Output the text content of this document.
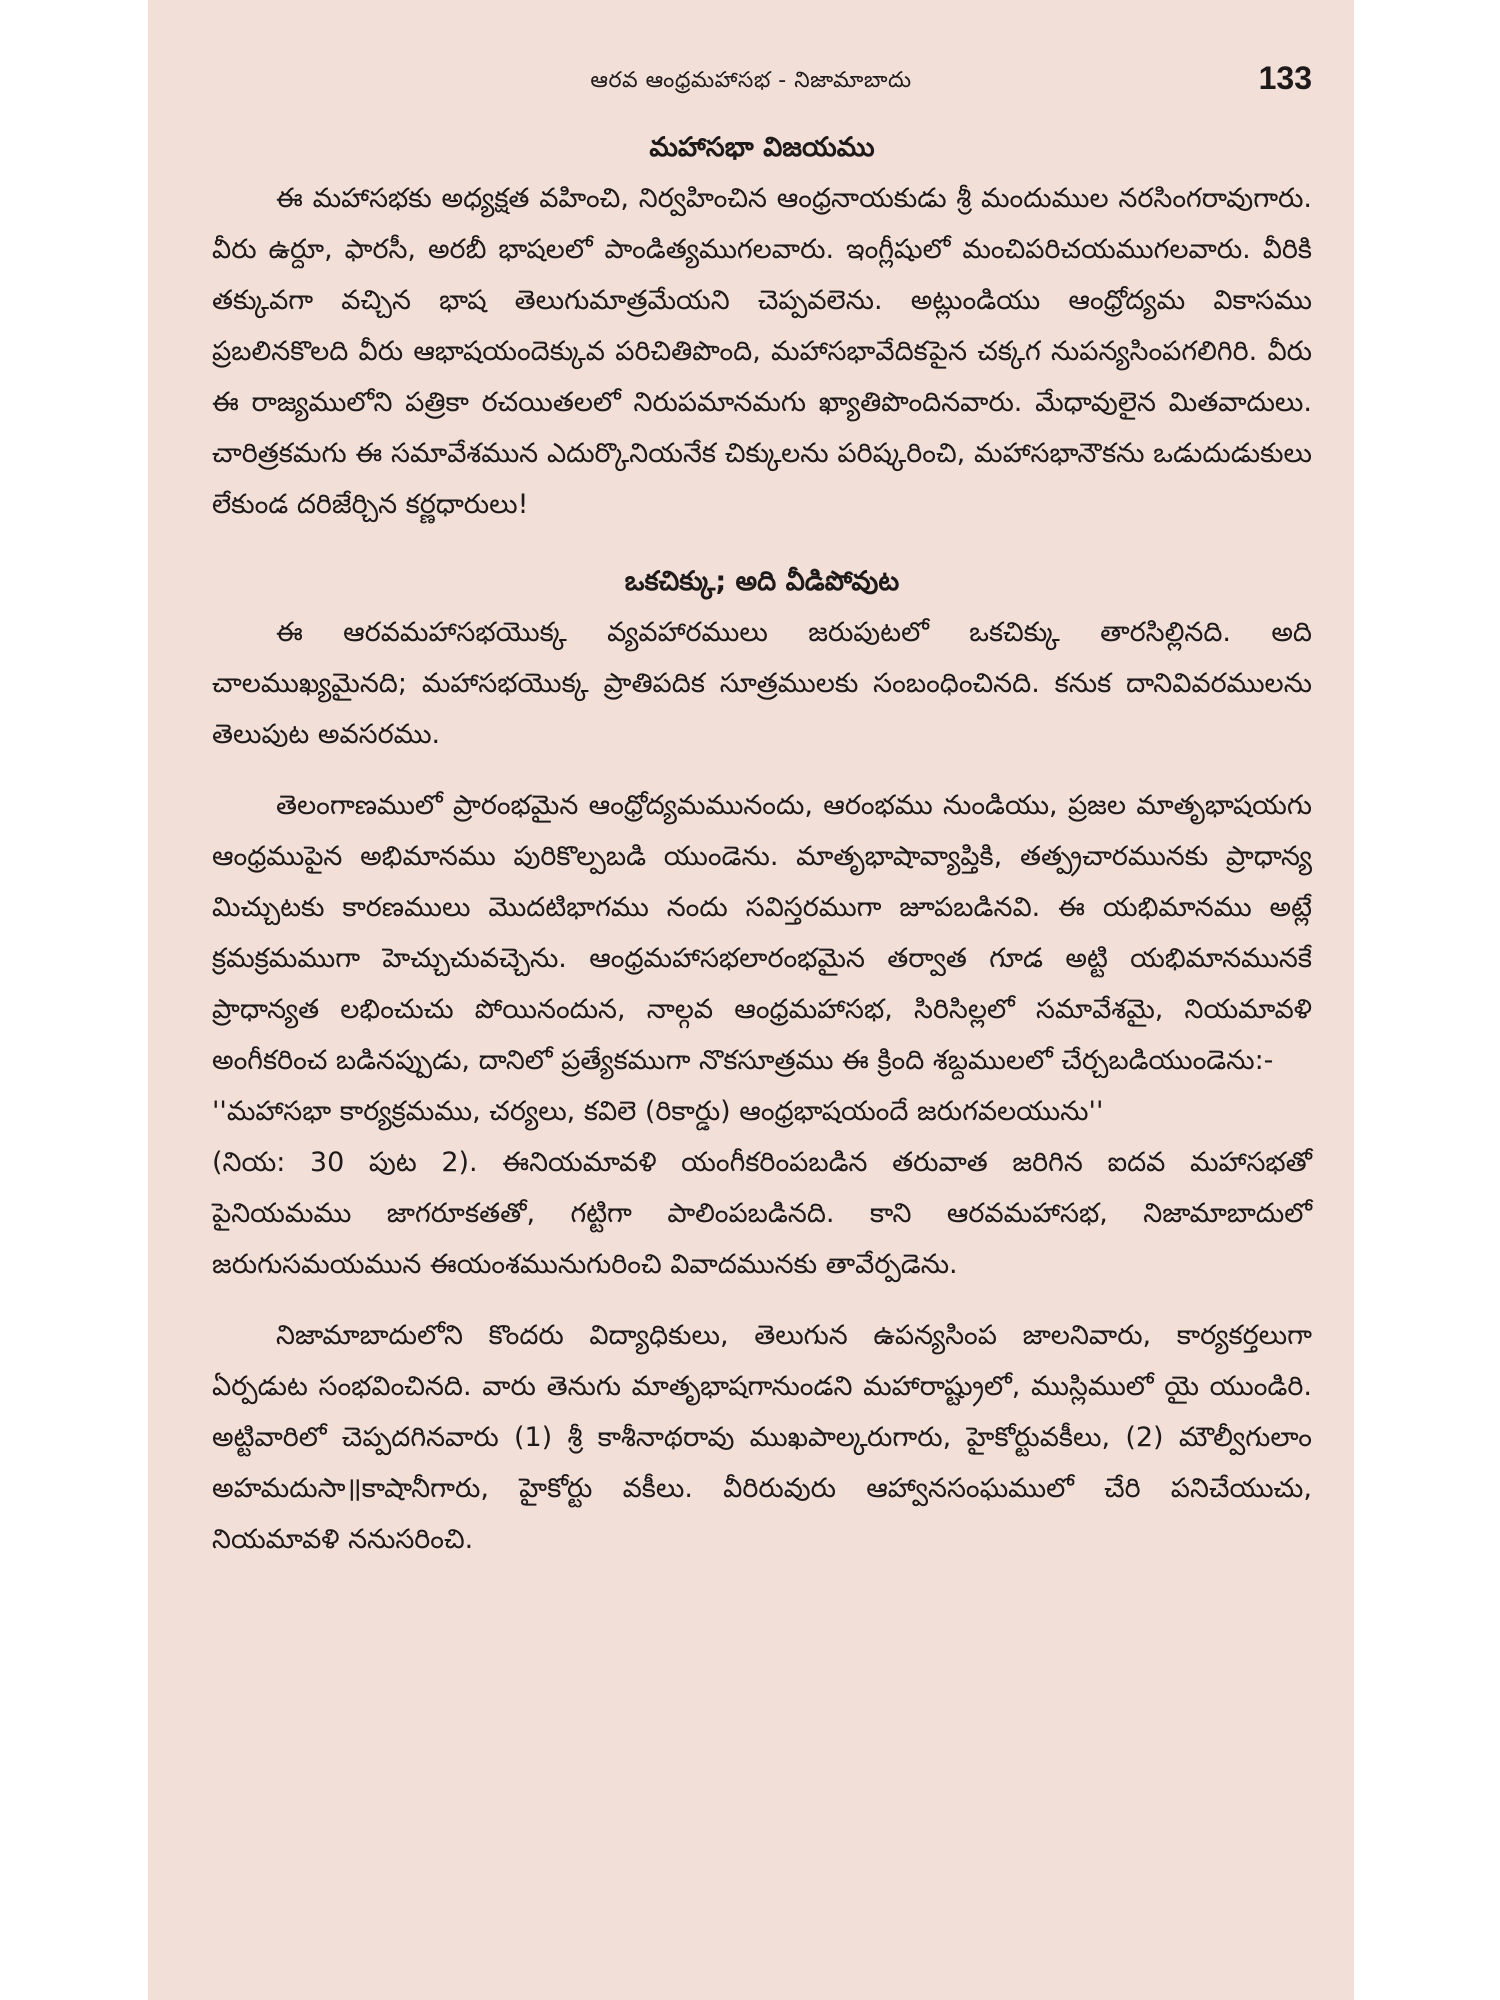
ఆరవ ఆంధ్రమహాసభ - నిజామాబాదు	133

మహాసభా విజయము

ఈ మహాసభకు అధ్యక్షత వహించి, నిర్వహించిన ఆంధ్రనాయకుడు శ్రీ మందుముల నరసింగరావుగారు. వీరు ఉర్దూ, ఫారసీ, అరబీ భాషలలో పాండిత్యముగలవారు. ఇంగ్లీషులో మంచిపరిచయముగలవారు. వీరికి తక్కువగా వచ్చిన భాష తెలుగుమాత్రమేయని చెప్పవలెను. అట్లుండియు ఆంధ్రోద్యమ వికాసము ప్రబలినకొలది వీరు ఆభాషయందెక్కువ పరిచితిపొంది, మహాసభావేదికపైన చక్కగ నుపన్యసింపగలిగిరి. వీరు ఈ రాజ్యములోని పత్రికా రచయితలలో నిరుపమానమగు ఖ్యాతిపొందినవారు. మేధావులైన మితవాదులు. చారిత్రకమగు ఈ సమావేశమున ఎదుర్కొనియనేక చిక్కులను పరిష్కరించి, మహాసభానౌకను ఒడుదుడుకులు లేకుండ దరిజేర్చిన కర్ణధారులు!

ఒకచిక్కు; అది వీడిపోవుట

ఈ ఆరవమహాసభయొక్క వ్యవహారములు జరుపుటలో ఒకచిక్కు తారసిల్లినది. అది చాలముఖ్యమైనది; మహాసభయొక్క ప్రాతిపదిక సూత్రములకు సంబంధించినది. కనుక దానివివరములను తెలుపుట అవసరము.

తెలంగాణములో ప్రారంభమైన ఆంధ్రోద్యమమునందు, ఆరంభము నుండియు, ప్రజల మాతృభాషయగు ఆంధ్రముపైన అభిమానము పురికొల్పబడి యుండెను. మాతృభాషావ్యాప్తికి, తత్ప్రచారమునకు ప్రాధాన్య మిచ్చుటకు కారణములు మొదటిభాగము నందు సవిస్తరముగా జూపబడినవి. ఈ యభిమానము అట్లే క్రమక్రమముగా హెచ్చుచువచ్చెను. ఆంధ్రమహాసభలారంభమైన తర్వాత గూడ అట్టి యభిమానమునకే ప్రాధాన్యత లభించుచు పోయినందున, నాల్గవ ఆంధ్రమహాసభ, సిరిసిల్లలో సమావేశమై, నియమావళి అంగీకరించ బడినప్పుడు, దానిలో ప్రత్యేకముగా నొకసూత్రము ఈ క్రింది శబ్దములలో చేర్చబడియుండెను:-

''మహాసభా కార్యక్రమము, చర్యలు, కవిలె (రికార్డు) ఆంధ్రభాషయందే జరుగవలయును''

(నియ: 30 పుట 2). ఈనియమావళి యంగీకరింపబడిన తరువాత జరిగిన ఐదవ మహాసభతో పైనియమము జాగరూకతతో, గట్టిగా పాలింపబడినది. కాని ఆరవమహాసభ, నిజామాబాదులో జరుగుసమయమున ఈయంశమునుగురించి వివాదమునకు తావేర్పడెను.

నిజామాబాదులోని కొందరు విద్యాధికులు, తెలుగున ఉపన్యసింప జాలనివారు, కార్యకర్తలుగా ఏర్పడుట సంభవించినది. వారు తెనుగు మాతృభాషగానుండని మహారాష్ట్రులో, ముస్లిములో యై యుండిరి. అట్టివారిలో చెప్పదగినవారు (1) శ్రీ కాశీనాథరావు ముఖపాల్కరుగారు, హైకోర్టువకీలు, (2) మౌల్వీగులాం అహమదుసా॥కాషానీగారు, హైకోర్టు వకీలు. వీరిరువురు ఆహ్వానసంఘములో చేరి పనిచేయుచు, నియమావళి ననుసరించి.
